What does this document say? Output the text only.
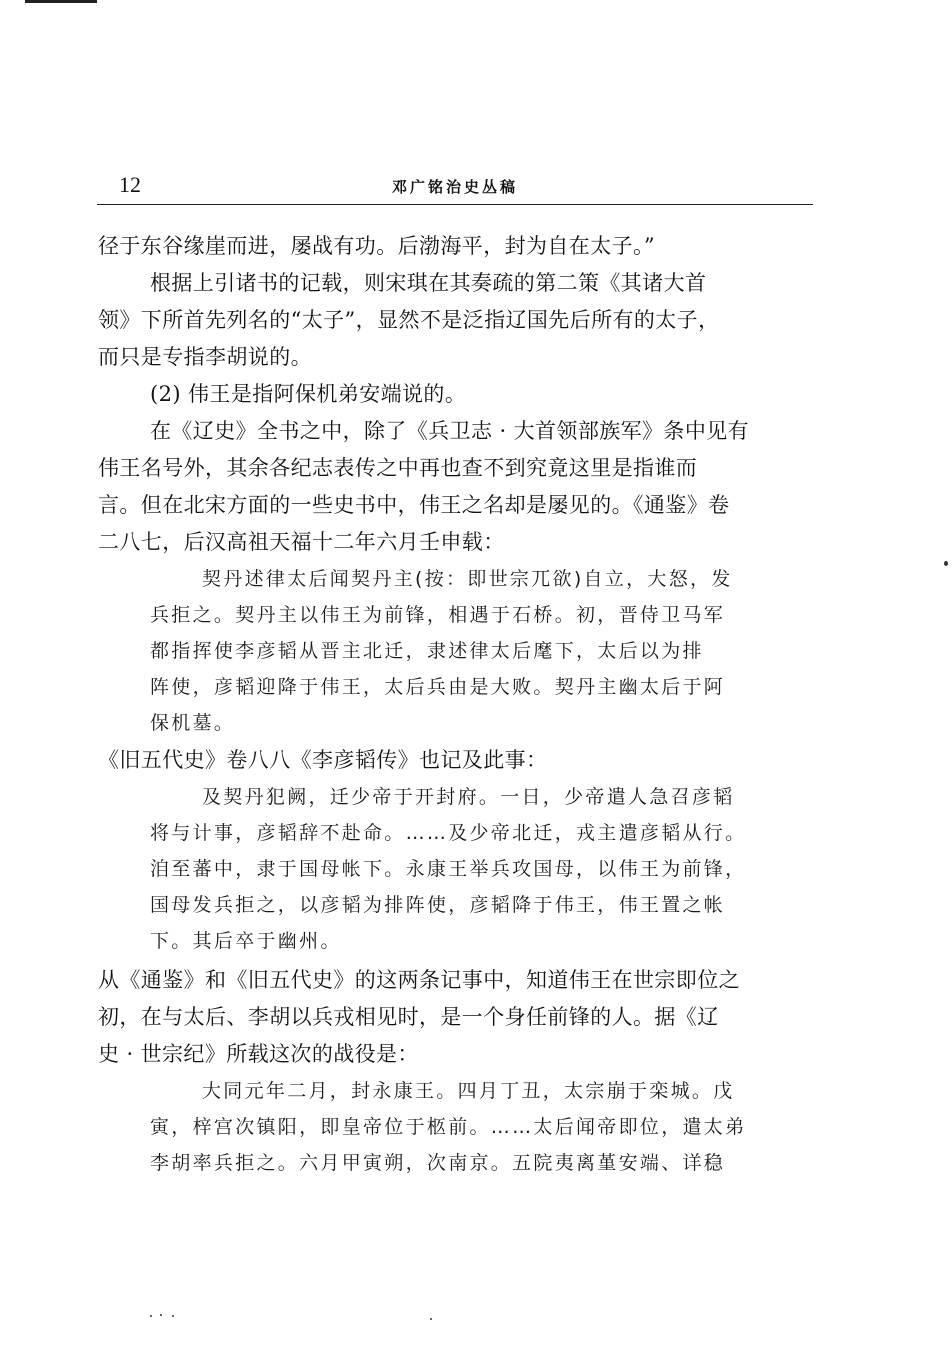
12	邓广铭治史丛稿
径于东谷缘崖而进，屡战有功。后渤海平，封为自在太子。”
根据上引诸书的记载，则宋琪在其奏疏的第二策《其诸大首
领》下所首先列名的“太子”，显然不是泛指辽国先后所有的太子，
而只是专指李胡说的。
(2) 伟王是指阿保机弟安端说的。
在《辽史》全书之中，除了《兵卫志 · 大首领部族军》条中见有
伟王名号外，其余各纪志表传之中再也查不到究竟这里是指谁而
言。但在北宋方面的一些史书中，伟王之名却是屡见的。《通鉴》卷
二八七，后汉高祖天福十二年六月壬申载：
契丹述律太后闻契丹主(按：即世宗兀欲)自立，大怒，发
兵拒之。契丹主以伟王为前锋，相遇于石桥。初，晋侍卫马军
都指挥使李彦韬从晋主北迁，隶述律太后麾下，太后以为排
阵使，彦韬迎降于伟王，太后兵由是大败。契丹主幽太后于阿
保机墓。
《旧五代史》卷八八《李彦韬传》也记及此事：
及契丹犯阙，迁少帝于开封府。一日，少帝遣人急召彦韬
将与计事，彦韬辞不赴命。……及少帝北迁，戎主遣彦韬从行。
洎至蕃中，隶于国母帐下。永康王举兵攻国母，以伟王为前锋，
国母发兵拒之，以彦韬为排阵使，彦韬降于伟王，伟王置之帐
下。其后卒于幽州。
从《通鉴》和《旧五代史》的这两条记事中，知道伟王在世宗即位之
初，在与太后、李胡以兵戎相见时，是一个身任前锋的人。据《辽
史 · 世宗纪》所载这次的战役是：
大同元年二月，封永康王。四月丁丑，太宗崩于栾城。戊
寅，梓宫次镇阳，即皇帝位于柩前。……太后闻帝即位，遣太弟
李胡率兵拒之。六月甲寅朔，次南京。五院夷离堇安端、详稳
